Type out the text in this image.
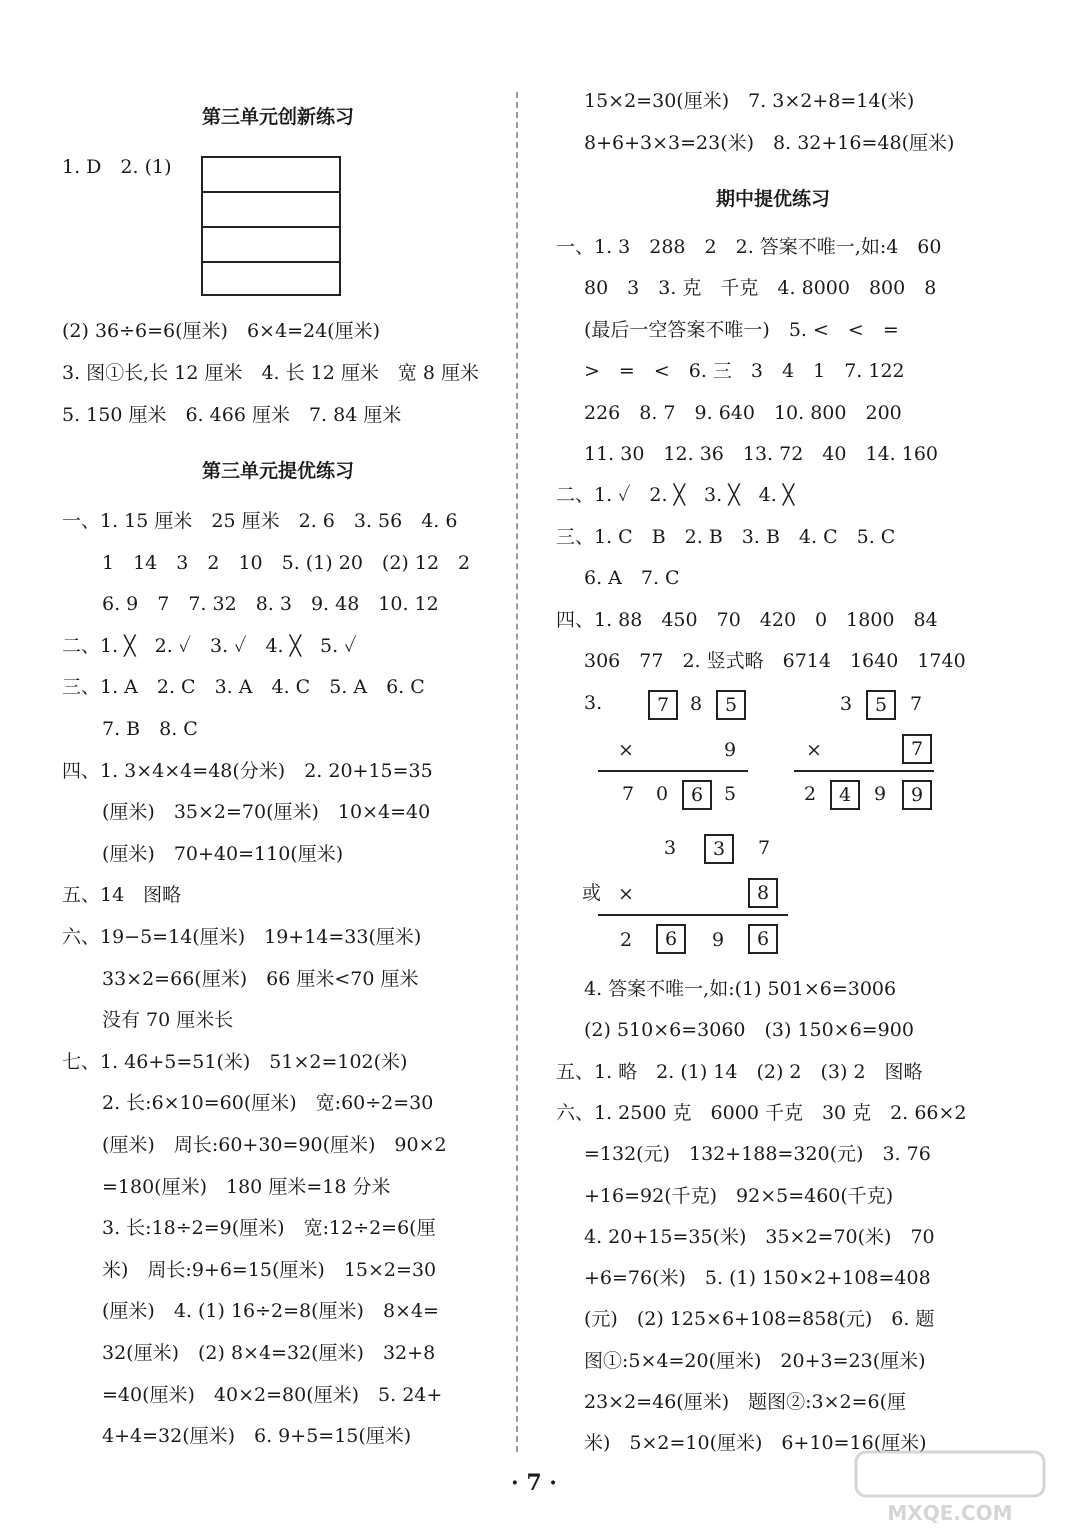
第三单元创新练习
1. D　2. (1)
(2) 36÷6=6(厘米)　6×4=24(厘米)
3. 图①长,长 12 厘米　4. 长 12 厘米　宽 8 厘米
5. 150 厘米　6. 466 厘米　7. 84 厘米
第三单元提优练习
一、1. 15 厘米　25 厘米　2. 6　3. 56　4. 6
1　14　3　2　10　5. (1) 20　(2) 12　2
6. 9　7　7. 32　8. 3　9. 48　10. 12
二、1. ╳　2. ✓　3. ✓　4. ╳　5. ✓
三、1. A　2. C　3. A　4. C　5. A　6. C
7. B　8. C
四、1. 3×4×4=48(分米)　2. 20+15=35
(厘米)　35×2=70(厘米)　10×4=40
(厘米)　70+40=110(厘米)
五、14　图略
六、19−5=14(厘米)　19+14=33(厘米)
33×2=66(厘米)　66 厘米<70 厘米
没有 70 厘米长
七、1. 46+5=51(米)　51×2=102(米)
2. 长:6×10=60(厘米)　宽:60÷2=30
(厘米)　周长:60+30=90(厘米)　90×2
=180(厘米)　180 厘米=18 分米
3. 长:18÷2=9(厘米)　宽:12÷2=6(厘
米)　周长:9+6=15(厘米)　15×2=30
(厘米)　4. (1) 16÷2=8(厘米)　8×4=
32(厘米)　(2) 8×4=32(厘米)　32+8
=40(厘米)　40×2=80(厘米)　5. 24+
4+4=32(厘米)　6. 9+5=15(厘米)
15×2=30(厘米)　7. 3×2+8=14(米)
8+6+3×3=23(米)　8. 32+16=48(厘米)
期中提优练习
一、1. 3　288　2　2. 答案不唯一,如:4　60
80　3　3. 克　千克　4. 8000　800　8
(最后一空答案不唯一)　5. <　<　=
>　=　<　6. 三　3　4　1　7. 122
226　8. 7　9. 640　10. 800　200
11. 30　12. 36　13. 72　40　14. 160
二、1. ✓　2. ╳　3. ╳　4. ╳
三、1. C　B　2. B　3. B　4. C　5. C
6. A　7. C
四、1. 88　450　70　420　0　1800　84
306　77　2. 竖式略　6714　1640　1740
3.	7	8	5
×	9
7	0	6	5
3	5	7
×	7
2	4	9	9
或
3	3	7
×	8
2	6	9	6
4. 答案不唯一,如:(1) 501×6=3006
(2) 510×6=3060　(3) 150×6=900
五、1. 略　2. (1) 14　(2) 2　(3) 2　图略
六、1. 2500 克　6000 千克　30 克　2. 66×2
=132(元)　132+188=320(元)　3. 76
+16=92(千克)　92×5=460(千克)
4. 20+15=35(米)　35×2=70(米)　70
+6=76(米)　5. (1) 150×2+108=408
(元)　(2) 125×6+108=858(元)　6. 题
图①:5×4=20(厘米)　20+3=23(厘米)
23×2=46(厘米)　题图②:3×2=6(厘
米)　5×2=10(厘米)　6+10=16(厘米)
· 7 ·
MXQE.COM
